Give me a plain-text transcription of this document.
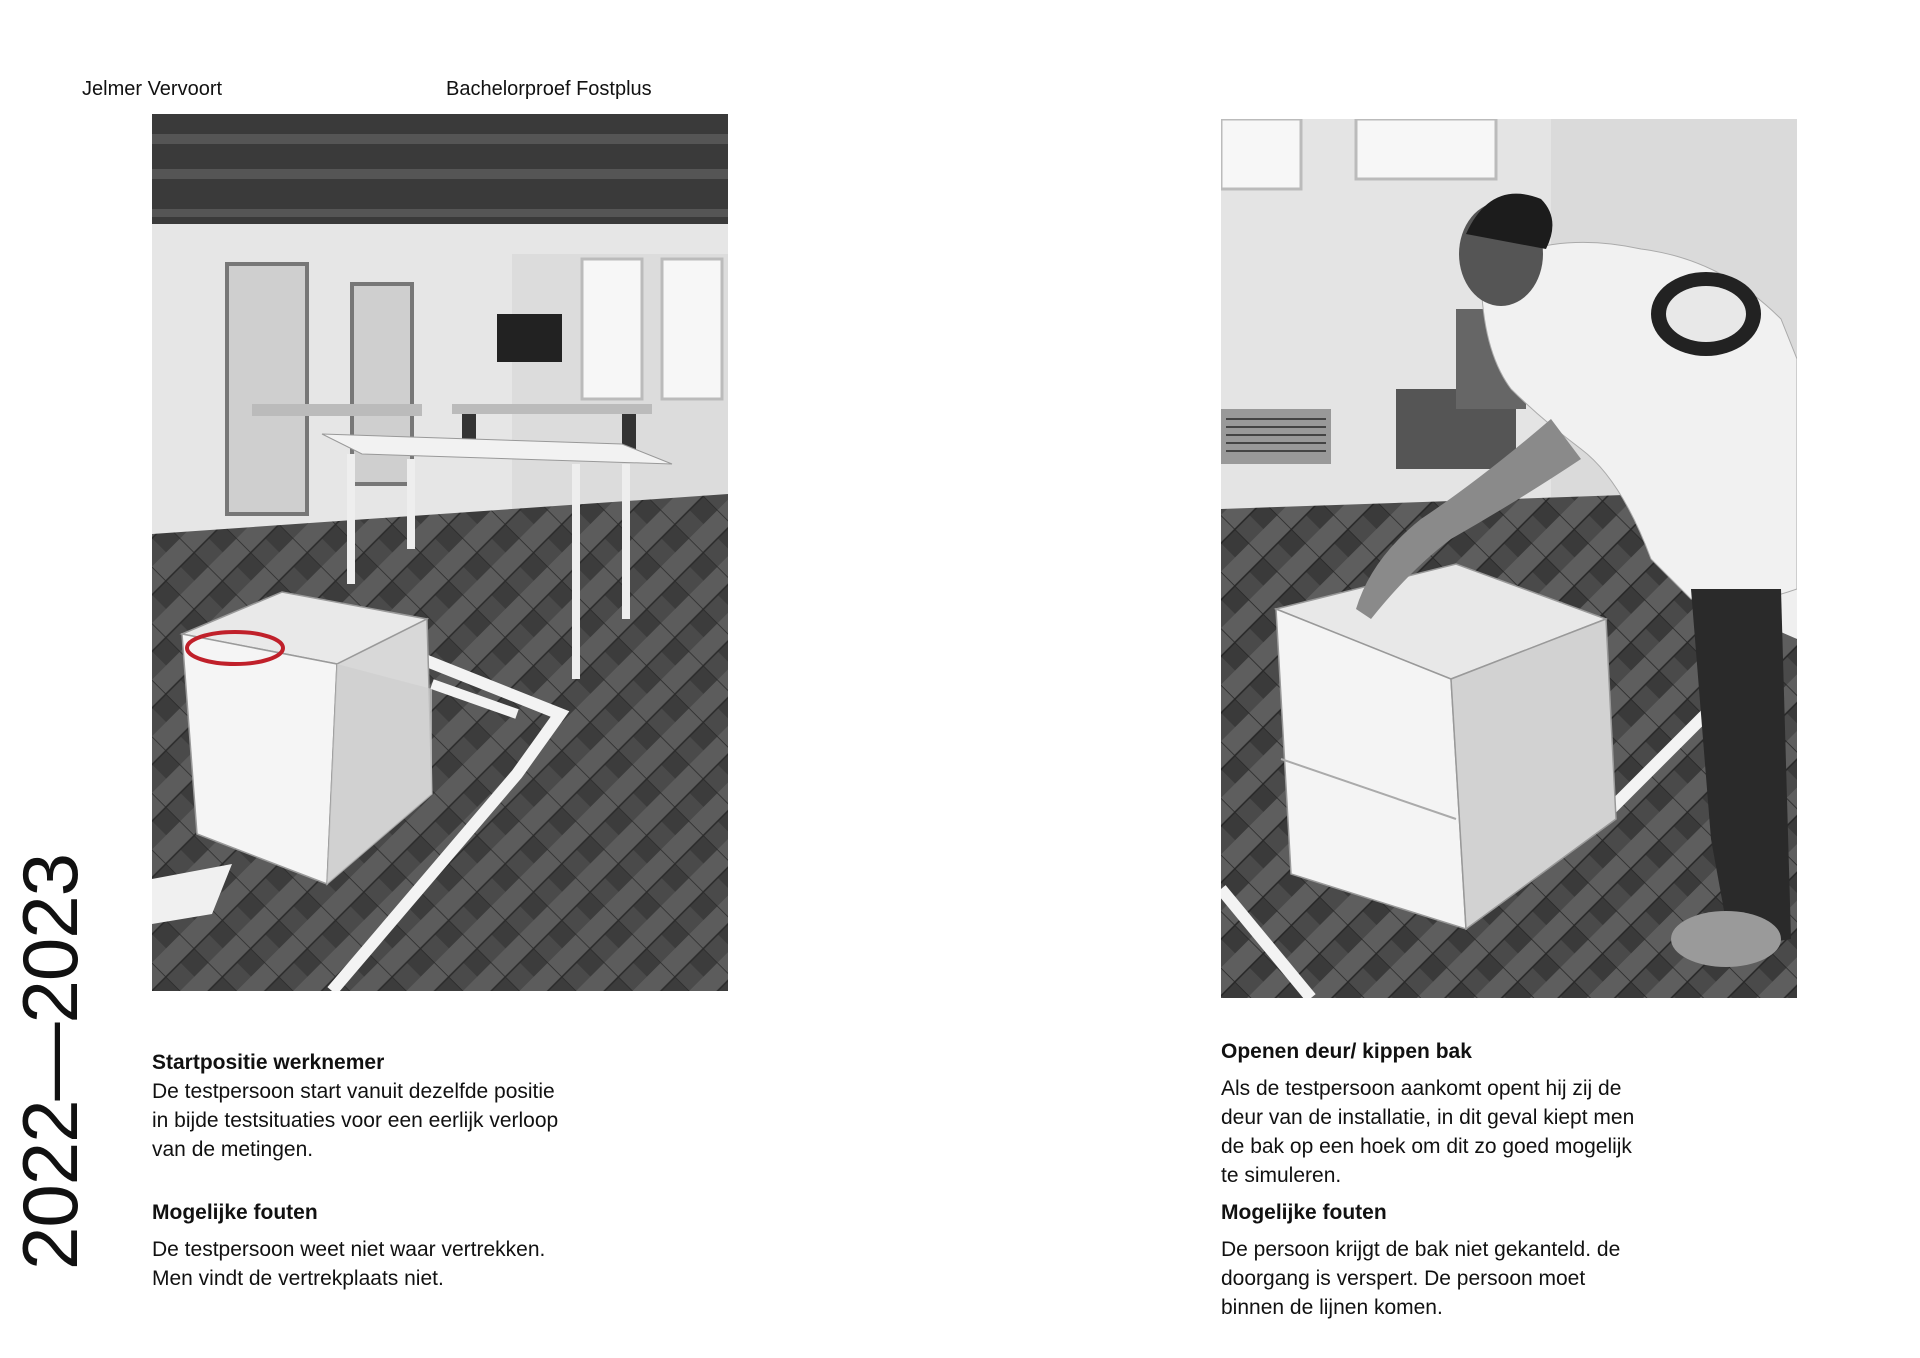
Jelmer Vervoort	Bachelorproef Fostplus
2022—2023	Startpositie werknemer

De testpersoon start vanuit dezelfde positie in bijde testsituaties voor een eerlijk verloop van de metingen.

Mogelijke fouten

De testpersoon weet niet waar vertrekken. Men vindt de vertrekplaats niet.

Openen deur/ kippen bak

Als de testpersoon aankomt opent hij zij de deur van de installatie, in dit geval kiept men de bak op een hoek om dit zo goed mogelijk te simuleren.

Mogelijke fouten

De persoon krijgt de bak niet gekanteld. de doorgang is verspert. De persoon moet binnen de lijnen komen.
